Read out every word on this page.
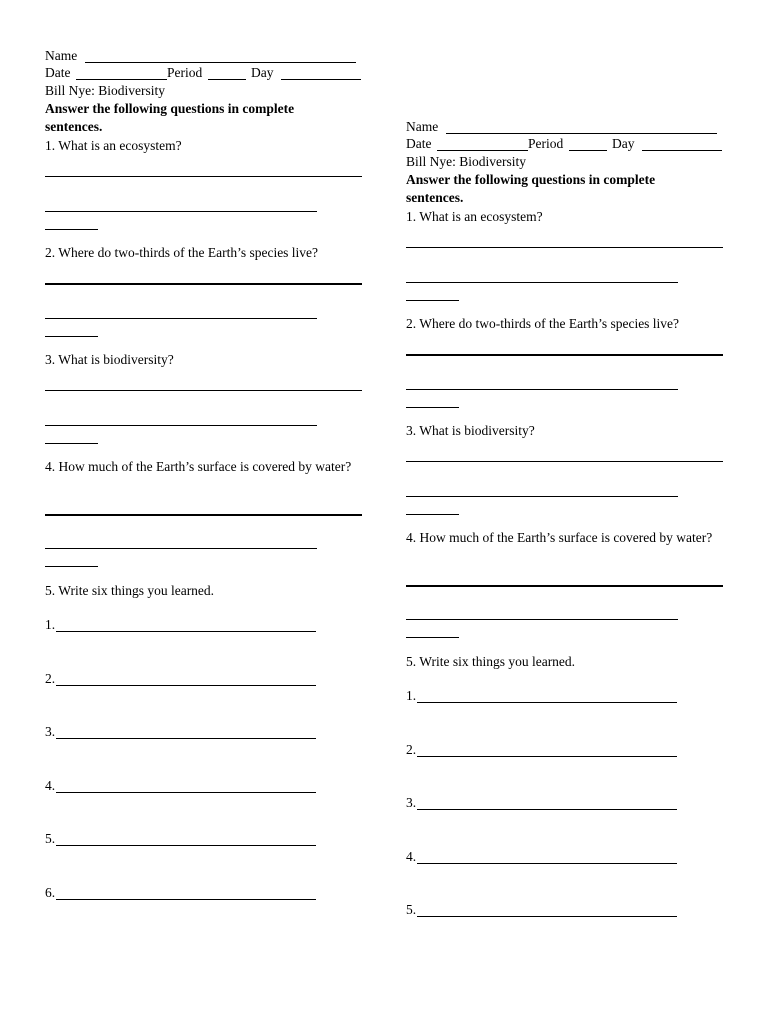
Name
Date	Period	Day
Bill Nye: Biodiversity
Answer the following questions in complete sentences.
1. What is an ecosystem?
2. Where do two-thirds of the Earth’s species live?
3. What is biodiversity?
4. How much of the Earth’s surface is covered by water?
5. Write six things you learned.
1.
2.
3.
4.
5.
6.
Name
Date	Period	Day
Bill Nye: Biodiversity
Answer the following questions in complete sentences.
1. What is an ecosystem?
2. Where do two-thirds of the Earth’s species live?
3. What is biodiversity?
4. How much of the Earth’s surface is covered by water?
5. Write six things you learned.
1.
2.
3.
4.
5.
